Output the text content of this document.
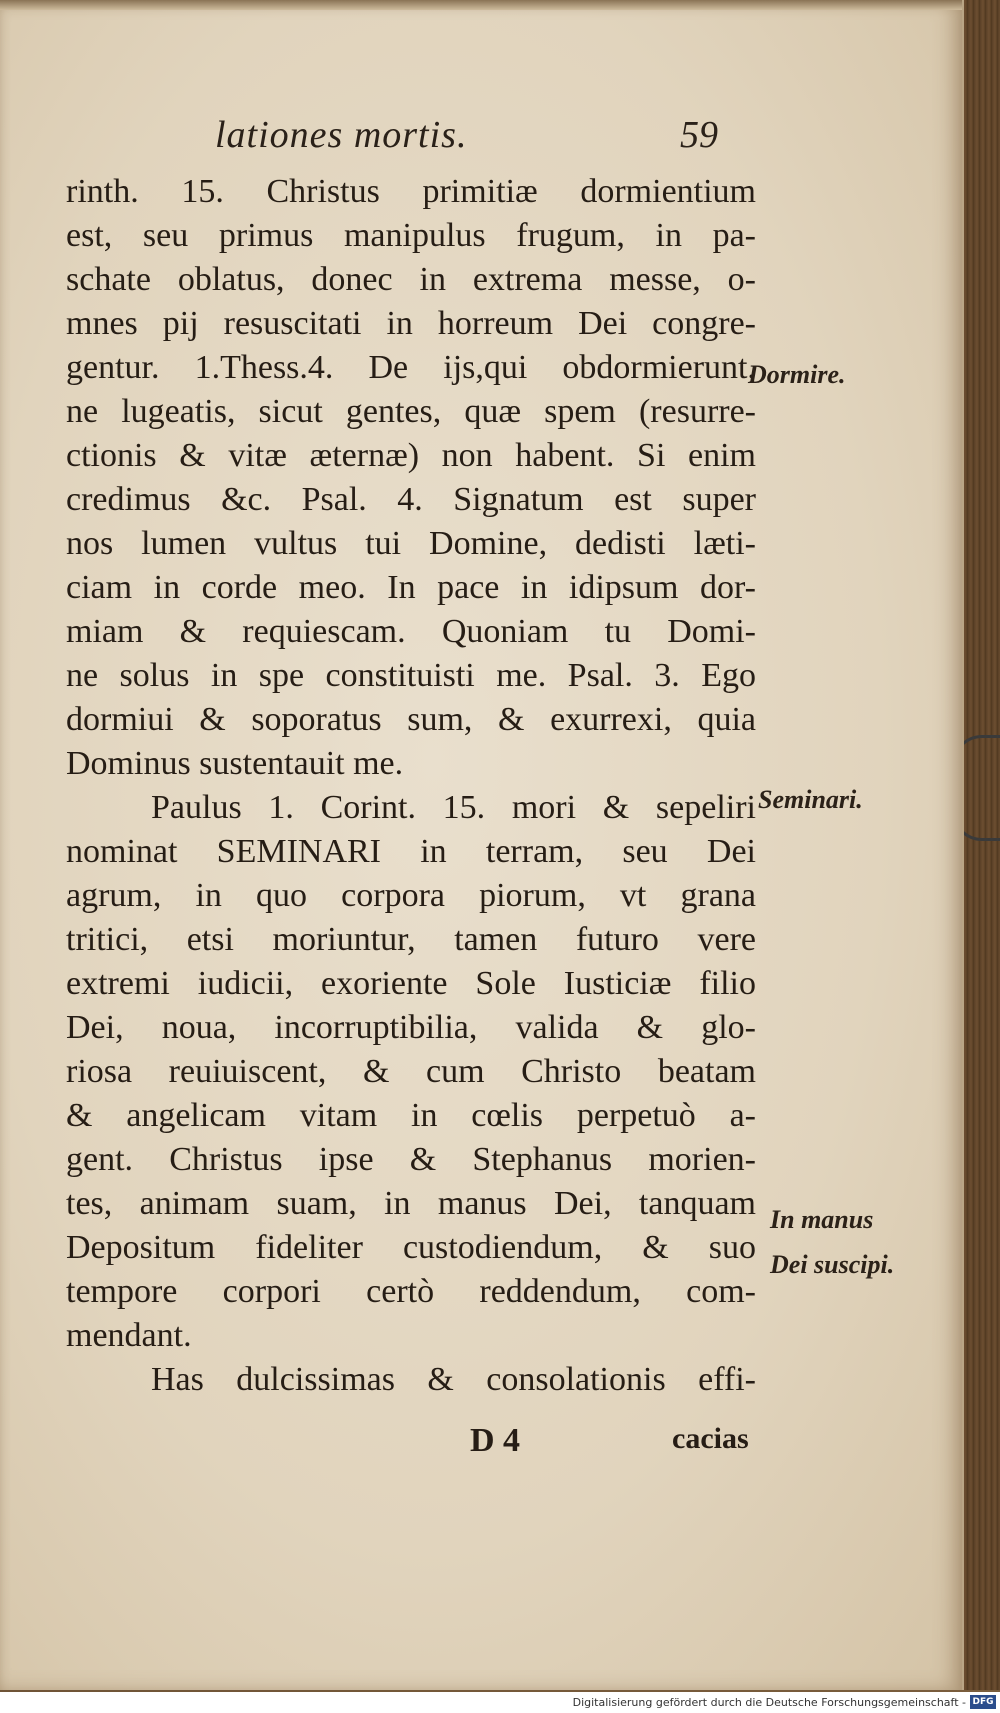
lationes mortis.	59
rinth. 15. Christus primitiæ dormientium
est, seu primus manipulus frugum, in pa-
schate oblatus, donec in extrema messe, o-
mnes pij resuscitati in horreum Dei congre-
gentur. 1.Thess.4. De ijs,qui obdormierunt,
ne lugeatis, sicut gentes, quæ spem (resurre-
ctionis & vitæ æternæ) non habent. Si enim
credimus &c. Psal. 4. Signatum est super
nos lumen vultus tui Domine, dedisti læti-
ciam in corde meo. In pace in idipsum dor-
miam & requiescam. Quoniam tu Domi-
ne solus in spe constituisti me. Psal. 3. Ego
dormiui & soporatus sum, & exurrexi, quia
Dominus sustentauit me.
Paulus 1. Corint. 15. mori & sepeliri
nominat SEMINARI in terram, seu Dei
agrum, in quo corpora piorum, vt grana
tritici, etsi moriuntur, tamen futuro vere
extremi iudicii, exoriente Sole Iusticiæ filio
Dei, noua, incorruptibilia, valida & glo-
riosa reuiuiscent, & cum Christo beatam
& angelicam vitam in cœlis perpetuò a-
gent. Christus ipse & Stephanus morien-
tes, animam suam, in manus Dei, tanquam
Depositum fideliter custodiendum, & suo
tempore corpori certò reddendum, com-
mendant.
Has dulcissimas & consolationis effi-
Dormire.
Seminari.
In manus
Dei suscipi.
D 4	cacias
Digitalisierung gefördert durch die Deutsche Forschungsgemeinschaft - DFG
